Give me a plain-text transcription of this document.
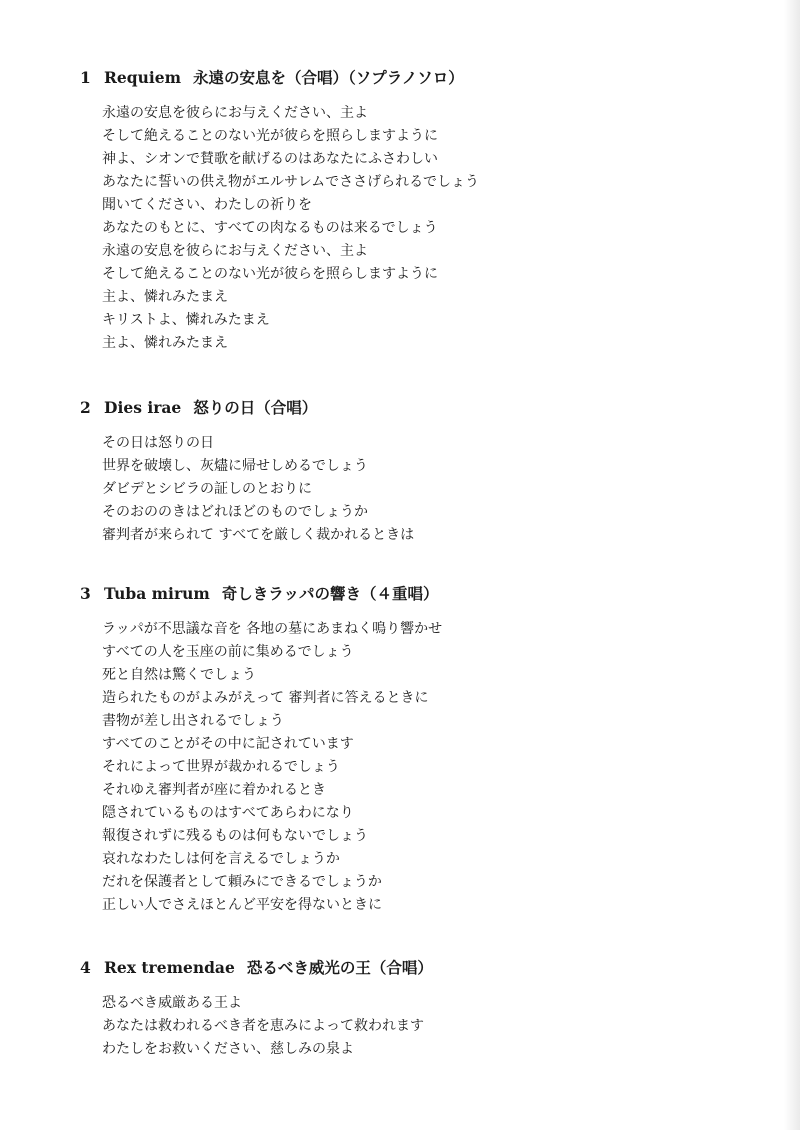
1 Requiem 永遠の安息を（合唱）（ソプラノソロ）
永遠の安息を彼らにお与えください、主よ
そして絶えることのない光が彼らを照らしますように
神よ、シオンで賛歌を献げるのはあなたにふさわしい
あなたに誓いの供え物がエルサレムでささげられるでしょう
聞いてください、わたしの祈りを
あなたのもとに、すべての肉なるものは来るでしょう
永遠の安息を彼らにお与えください、主よ
そして絶えることのない光が彼らを照らしますように
主よ、憐れみたまえ
キリストよ、憐れみたまえ
主よ、憐れみたまえ
2 Dies irae 怒りの日（合唱）
その日は怒りの日
世界を破壊し、灰燼に帰せしめるでしょう
ダビデとシビラの証しのとおりに
そのおののきはどれほどのものでしょうか
審判者が来られて すべてを厳しく裁かれるときは
3 Tuba mirum 奇しきラッパの響き（４重唱）
ラッパが不思議な音を 各地の墓にあまねく鳴り響かせ
すべての人を玉座の前に集めるでしょう
死と自然は驚くでしょう
造られたものがよみがえって 審判者に答えるときに
書物が差し出されるでしょう
すべてのことがその中に記されています
それによって世界が裁かれるでしょう
それゆえ審判者が座に着かれるとき
隠されているものはすべてあらわになり
報復されずに残るものは何もないでしょう
哀れなわたしは何を言えるでしょうか
だれを保護者として頼みにできるでしょうか
正しい人でさえほとんど平安を得ないときに
4 Rex tremendae 恐るべき威光の王（合唱）
恐るべき威厳ある王よ
あなたは救われるべき者を恵みによって救われます
わたしをお救いください、慈しみの泉よ
